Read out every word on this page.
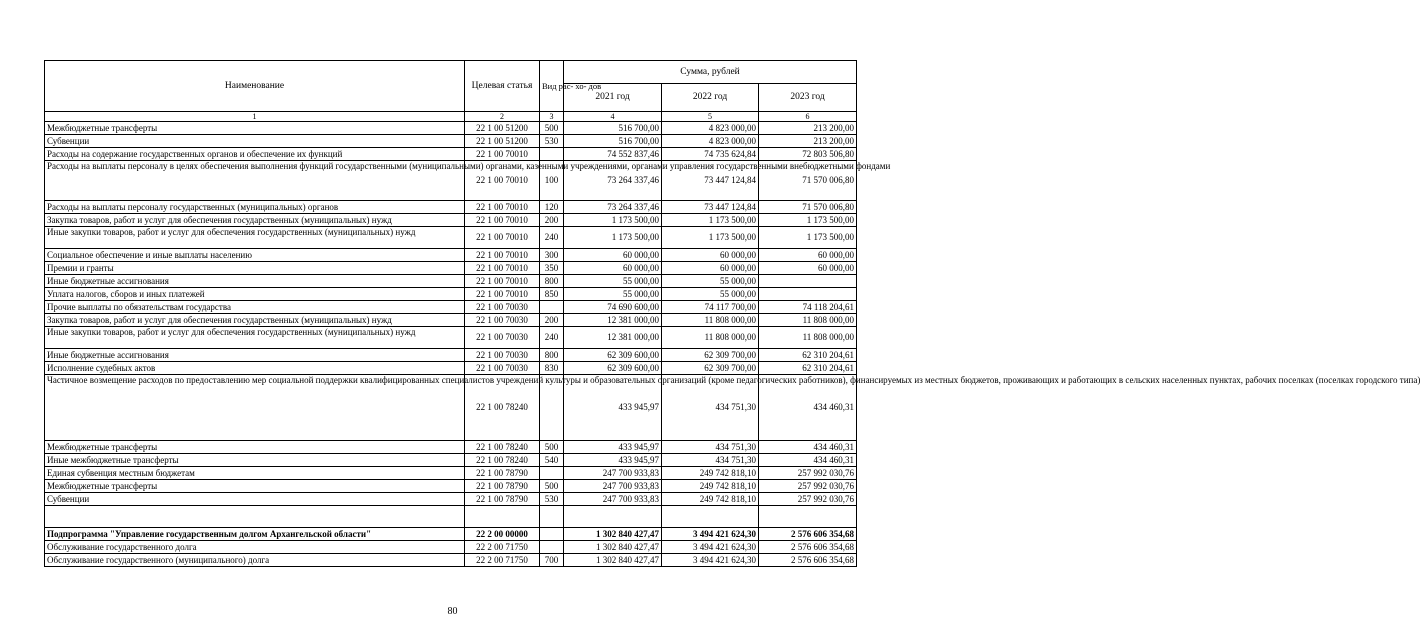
Наименование	Целевая статья	Вид рас- хо- дов	Сумма, рублей		
			2021 год	2022 год	2023 год
1	2	3	4	5	6
Межбюджетные трансферты	22 1 00 51200	500	516 700,00	4 823 000,00	213 200,00
Субвенции	22 1 00 51200	530	516 700,00	4 823 000,00	213 200,00
Расходы на содержание государственных органов и обеспечение их функций	22 1 00 70010		74 552 837,46	74 735 624,84	72 803 506,80
Расходы на выплаты персоналу в целях обеспечения выполнения функций государственными (муниципальными) органами, казенными учреждениями, органами управления государственными внебюджетными фондами	22 1 00 70010	100	73 264 337,46	73 447 124,84	71 570 006,80
Расходы на выплаты персоналу государственных (муниципальных) органов	22 1 00 70010	120	73 264 337,46	73 447 124,84	71 570 006,80
Закупка товаров, работ и услуг для обеспечения государственных (муниципальных) нужд	22 1 00 70010	200	1 173 500,00	1 173 500,00	1 173 500,00
Иные закупки товаров, работ и услуг для обеспечения государственных (муниципальных) нужд	22 1 00 70010	240	1 173 500,00	1 173 500,00	1 173 500,00
Социальное обеспечение и иные выплаты населению	22 1 00 70010	300	60 000,00	60 000,00	60 000,00
Премии и гранты	22 1 00 70010	350	60 000,00	60 000,00	60 000,00
Иные бюджетные ассигнования	22 1 00 70010	800	55 000,00	55 000,00	
Уплата налогов, сборов и иных платежей	22 1 00 70010	850	55 000,00	55 000,00	
Прочие выплаты по обязательствам государства	22 1 00 70030		74 690 600,00	74 117 700,00	74 118 204,61
Закупка товаров, работ и услуг для обеспечения государственных (муниципальных) нужд	22 1 00 70030	200	12 381 000,00	11 808 000,00	11 808 000,00
Иные закупки товаров, работ и услуг для обеспечения государственных (муниципальных) нужд	22 1 00 70030	240	12 381 000,00	11 808 000,00	11 808 000,00
Иные бюджетные ассигнования	22 1 00 70030	800	62 309 600,00	62 309 700,00	62 310 204,61
Исполнение судебных актов	22 1 00 70030	830	62 309 600,00	62 309 700,00	62 310 204,61
Частичное возмещение расходов по предоставлению мер социальной поддержки квалифицированных специалистов учреждений культуры и образовательных организаций (кроме педагогических работников), финансируемых из местных бюджетов, проживающих и работающих в сельских населенных пунктах, рабочих поселках (поселках городского типа)	22 1 00 78240		433 945,97	434 751,30	434 460,31
Межбюджетные трансферты	22 1 00 78240	500	433 945,97	434 751,30	434 460,31
Иные межбюджетные трансферты	22 1 00 78240	540	433 945,97	434 751,30	434 460,31
Единая субвенция местным бюджетам	22 1 00 78790		247 700 933,83	249 742 818,10	257 992 030,76
Межбюджетные трансферты	22 1 00 78790	500	247 700 933,83	249 742 818,10	257 992 030,76
Субвенции	22 1 00 78790	530	247 700 933,83	249 742 818,10	257 992 030,76

Подпрограмма "Управление государственным долгом Архангельской области"	22 2 00 00000		1 302 840 427,47	3 494 421 624,30	2 576 606 354,68
Обслуживание государственного долга	22 2 00 71750		1 302 840 427,47	3 494 421 624,30	2 576 606 354,68
Обслуживание государственного (муниципального) долга	22 2 00 71750	700	1 302 840 427,47	3 494 421 624,30	2 576 606 354,68
80
